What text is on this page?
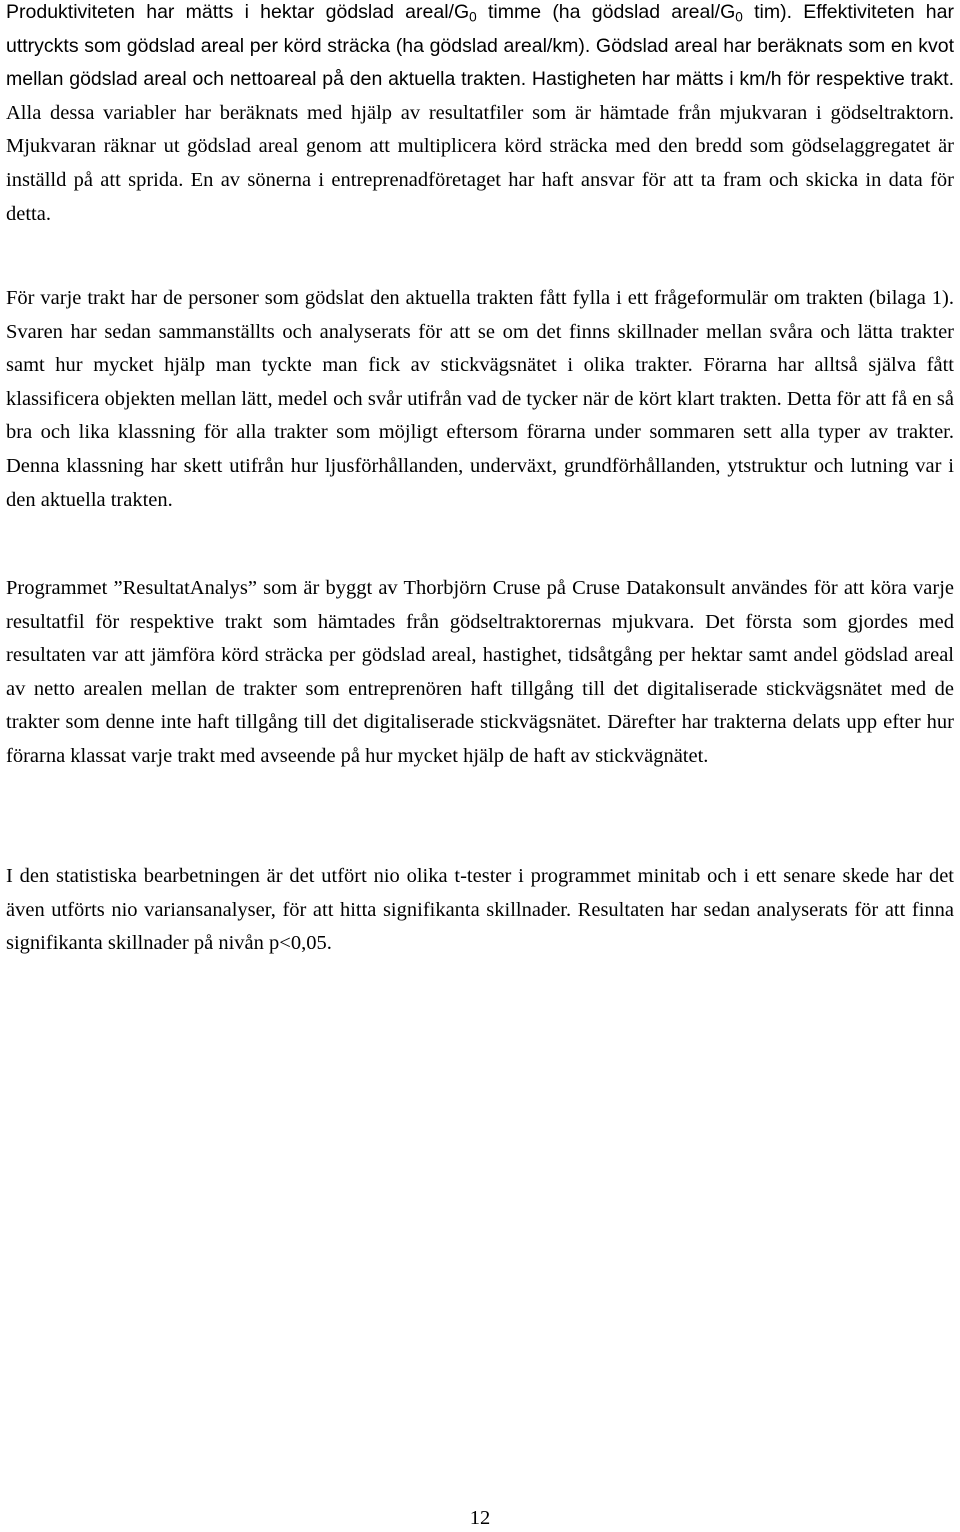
Produktiviteten har mätts i hektar gödslad areal/$G_0$ timme (ha gödslad areal/$G_0$ tim). Effektiviteten har uttryckts som gödslad areal per körd sträcka (ha gödslad areal/km). Gödslad areal har beräknats som en kvot mellan gödslad areal och nettoareal på den aktuella trakten. Hastigheten har mätts i km/h för respektive trakt. Alla dessa variabler har beräknats med hjälp av resultatfiler som är hämtade från mjukvaran i gödseltraktorn. Mjukvaran räknar ut gödslad areal genom att multiplicera körd sträcka med den bredd som gödselaggregatet är inställd på att sprida. En av sönerna i entreprenadföretaget har haft ansvar för att ta fram och skicka in data för detta.

För varje trakt har de personer som gödslat den aktuella trakten fått fylla i ett frågeformulär om trakten (bilaga 1). Svaren har sedan sammanställts och analyserats för att se om det finns skillnader mellan svåra och lätta trakter samt hur mycket hjälp man tyckte man fick av stickvägsnätet i olika trakter. Förarna har alltså själva fått klassificera objekten mellan lätt, medel och svår utifrån vad de tycker när de kört klart trakten. Detta för att få en så bra och lika klassning för alla trakter som möjligt eftersom förarna under sommaren sett alla typer av trakter. Denna klassning har skett utifrån hur ljusförhållanden, underväxt, grundförhållanden, ytstruktur och lutning var i den aktuella trakten.

Programmet ”ResultatAnalys” som är byggt av Thorbjörn Cruse på Cruse Datakonsult användes för att köra varje resultatfil för respektive trakt som hämtades från gödseltraktorernas mjukvara. Det första som gjordes med resultaten var att jämföra körd sträcka per gödslad areal, hastighet, tidsåtgång per hektar samt andel gödslad areal av netto arealen mellan de trakter som entreprenören haft tillgång till det digitaliserade stickvägsnätet med de trakter som denne inte haft tillgång till det digitaliserade stickvägsnätet. Därefter har trakterna delats upp efter hur förarna klassat varje trakt med avseende på hur mycket hjälp de haft av stickvägnätet.

I den statistiska bearbetningen är det utfört nio olika t-tester i programmet minitab och i ett senare skede har det även utförts nio variansanalyser, för att hitta signifikanta skillnader. Resultaten har sedan analyserats för att finna signifikanta skillnader på nivån p<0,05.

12
